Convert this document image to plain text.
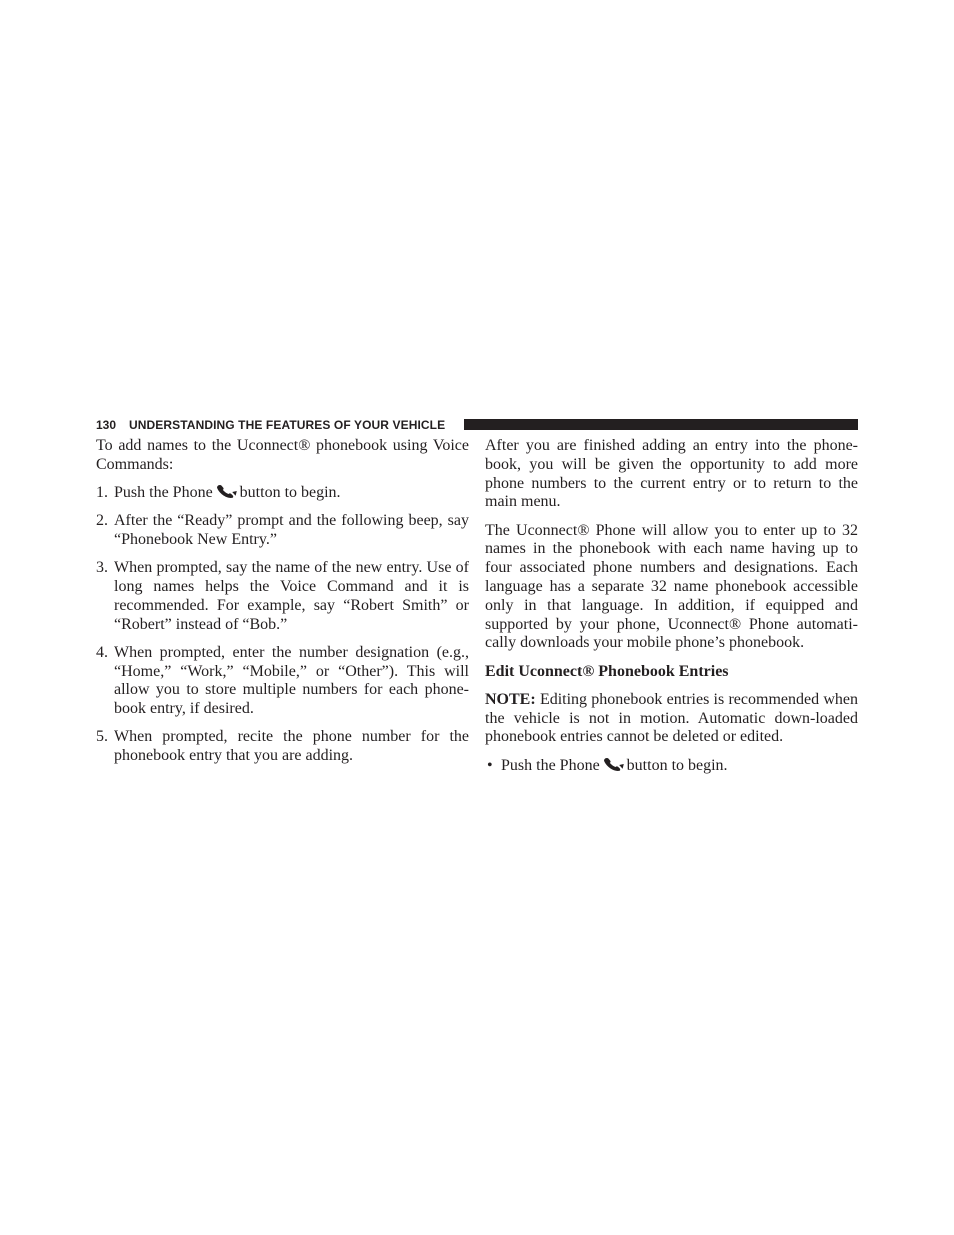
130 UNDERSTANDING THE FEATURES OF YOUR VEHICLE

To add names to the Uconnect® phonebook using Voice Commands:

1. Push the Phone button to begin.
2. After the “Ready” prompt and the following beep, say “Phonebook New Entry.”
3. When prompted, say the name of the new entry. Use of long names helps the Voice Command and it is recommended. For example, say “Robert Smith” or “Robert” instead of “Bob.”
4. When prompted, enter the number designation (e.g., “Home,” “Work,” “Mobile,” or “Other”). This will allow you to store multiple numbers for each phone-book entry, if desired.
5. When prompted, recite the phone number for the phonebook entry that you are adding.

After you are finished adding an entry into the phone-book, you will be given the opportunity to add more phone numbers to the current entry or to return to the main menu.

The Uconnect® Phone will allow you to enter up to 32 names in the phonebook with each name having up to four associated phone numbers and designations. Each language has a separate 32 name phonebook accessible only in that language. In addition, if equipped and supported by your phone, Uconnect® Phone automati-cally downloads your mobile phone’s phonebook.

Edit Uconnect® Phonebook Entries

NOTE: Editing phonebook entries is recommended when the vehicle is not in motion. Automatic down-loaded phonebook entries cannot be deleted or edited.

• Push the Phone button to begin.
